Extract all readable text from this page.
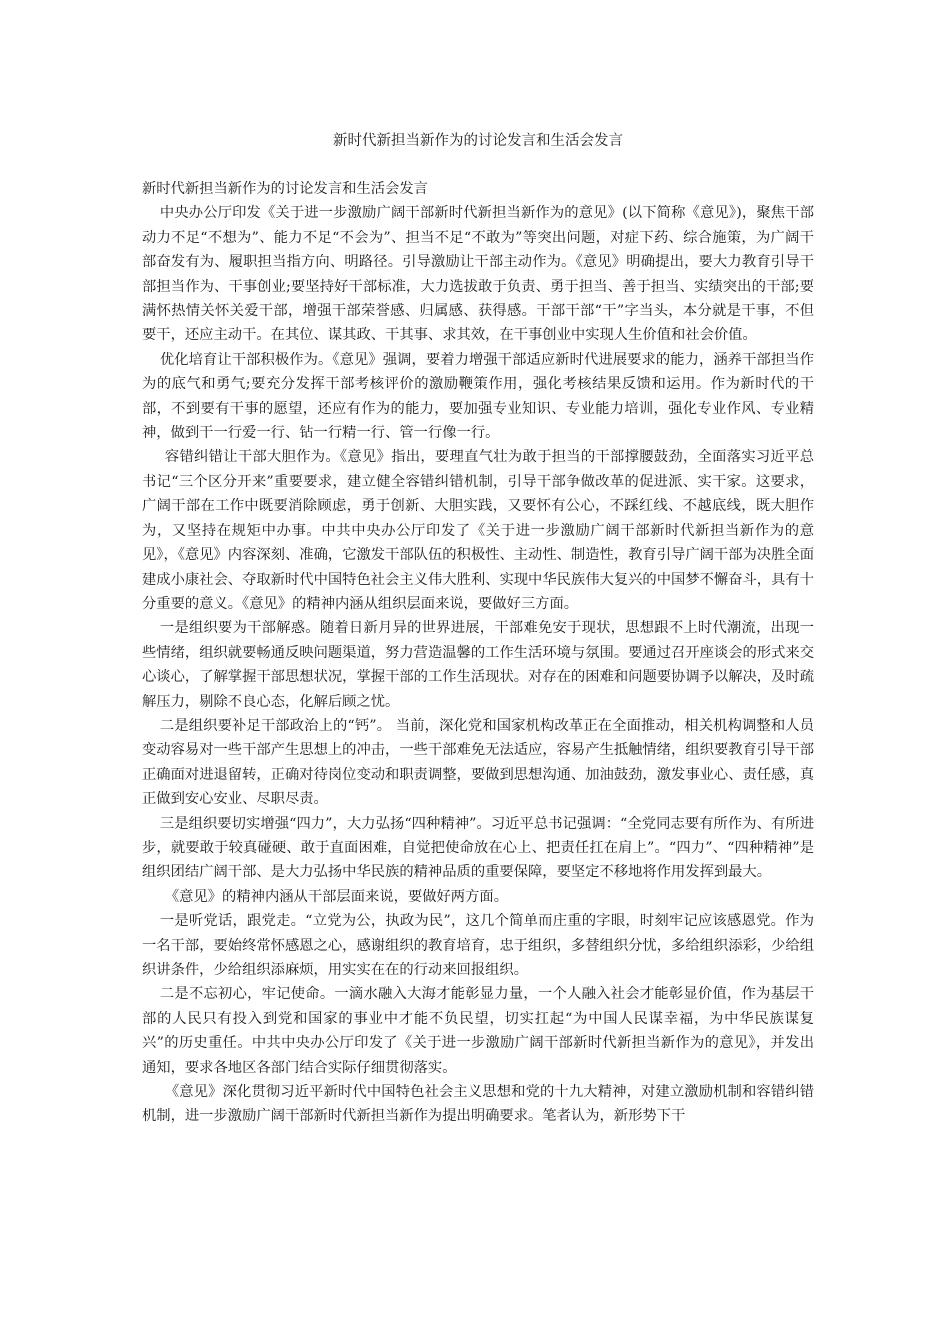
新时代新担当新作为的讨论发言和生活会发言

新时代新担当新作为的讨论发言和生活会发言

中央办公厅印发《关于进一步激励广阔干部新时代新担当新作为的意见》(以下简称《意见》)，聚焦干部动力不足“不想为”、能力不足“不会为”、担当不足“不敢为”等突出问题，对症下药、综合施策，为广阔干部奋发有为、履职担当指方向、明路径。引导激励让干部主动作为。《意见》明确提出，要大力教育引导干部担当作为、干事创业;要坚持好干部标准，大力选拔敢于负责、勇于担当、善于担当、实绩突出的干部;要满怀热情关怀关爱干部，增强干部荣誉感、归属感、获得感。干部干部“干”字当头，本分就是干事，不但要干，还应主动干。在其位、谋其政、干其事、求其效，在干事创业中实现人生价值和社会价值。

优化培育让干部积极作为。《意见》强调，要着力增强干部适应新时代进展要求的能力，涵养干部担当作为的底气和勇气;要充分发挥干部考核评价的激励鞭策作用，强化考核结果反馈和运用。作为新时代的干部，不到要有干事的愿望，还应有作为的能力，要加强专业知识、专业能力培训，强化专业作风、专业精神，做到干一行爱一行、钻一行精一行、管一行像一行。

容错纠错让干部大胆作为。《意见》指出，要理直气壮为敢于担当的干部撑腰鼓劲，全面落实习近平总书记“三个区分开来”重要要求，建立健全容错纠错机制，引导干部争做改革的促进派、实干家。这要求，广阔干部在工作中既要消除顾虑，勇于创新、大胆实践，又要怀有公心，不踩红线、不越底线，既大胆作为，又坚持在规矩中办事。中共中央办公厅印发了《关于进一步激励广阔干部新时代新担当新作为的意见》，《意见》内容深刻、准确，它激发干部队伍的积极性、主动性、制造性，教育引导广阔干部为决胜全面建成小康社会、夺取新时代中国特色社会主义伟大胜利、实现中华民族伟大复兴的中国梦不懈奋斗，具有十分重要的意义。《意见》的精神内涵从组织层面来说，要做好三方面。

一是组织要为干部解惑。随着日新月异的世界进展，干部难免安于现状，思想跟不上时代潮流，出现一些情绪，组织就要畅通反映问题渠道，努力营造温馨的工作生活环境与氛围。要通过召开座谈会的形式来交心谈心，了解掌握干部思想状况，掌握干部的工作生活现状。对存在的困难和问题要协调予以解决，及时疏解压力，剔除不良心态，化解后顾之忧。

二是组织要补足干部政治上的“钙”。 当前，深化党和国家机构改革正在全面推动，相关机构调整和人员变动容易对一些干部产生思想上的冲击，一些干部难免无法适应，容易产生抵触情绪，组织要教育引导干部正确面对进退留转，正确对待岗位变动和职责调整，要做到思想沟通、加油鼓劲，激发事业心、责任感，真正做到安心安业、尽职尽责。

三是组织要切实增强“四力”，大力弘扬“四种精神”。习近平总书记强调：“全党同志要有所作为、有所进步，就要敢于较真碰硬、敢于直面困难，自觉把使命放在心上、把责任扛在肩上”。“四力”、“四种精神”是组织团结广阔干部、是大力弘扬中华民族的精神品质的重要保障，要坚定不移地将作用发挥到最大。

《意见》的精神内涵从干部层面来说，要做好两方面。

一是听党话，跟党走。“立党为公，执政为民”，这几个简单而庄重的字眼，时刻牢记应该感恩党。作为一名干部，要始终常怀感恩之心，感谢组织的教育培育，忠于组织，多替组织分忧，多给组织添彩，少给组织讲条件，少给组织添麻烦，用实实在在的行动来回报组织。

二是不忘初心，牢记使命。一滴水融入大海才能彰显力量，一个人融入社会才能彰显价值，作为基层干部的人民只有投入到党和国家的事业中才能不负民望，切实扛起“为中国人民谋幸福，为中华民族谋复兴”的历史重任。中共中央办公厅印发了《关于进一步激励广阔干部新时代新担当新作为的意见》，并发出通知，要求各地区各部门结合实际仔细贯彻落实。

《意见》深化贯彻习近平新时代中国特色社会主义思想和党的十九大精神，对建立激励机制和容错纠错机制，进一步激励广阔干部新时代新担当新作为提出明确要求。笔者认为，新形势下干
